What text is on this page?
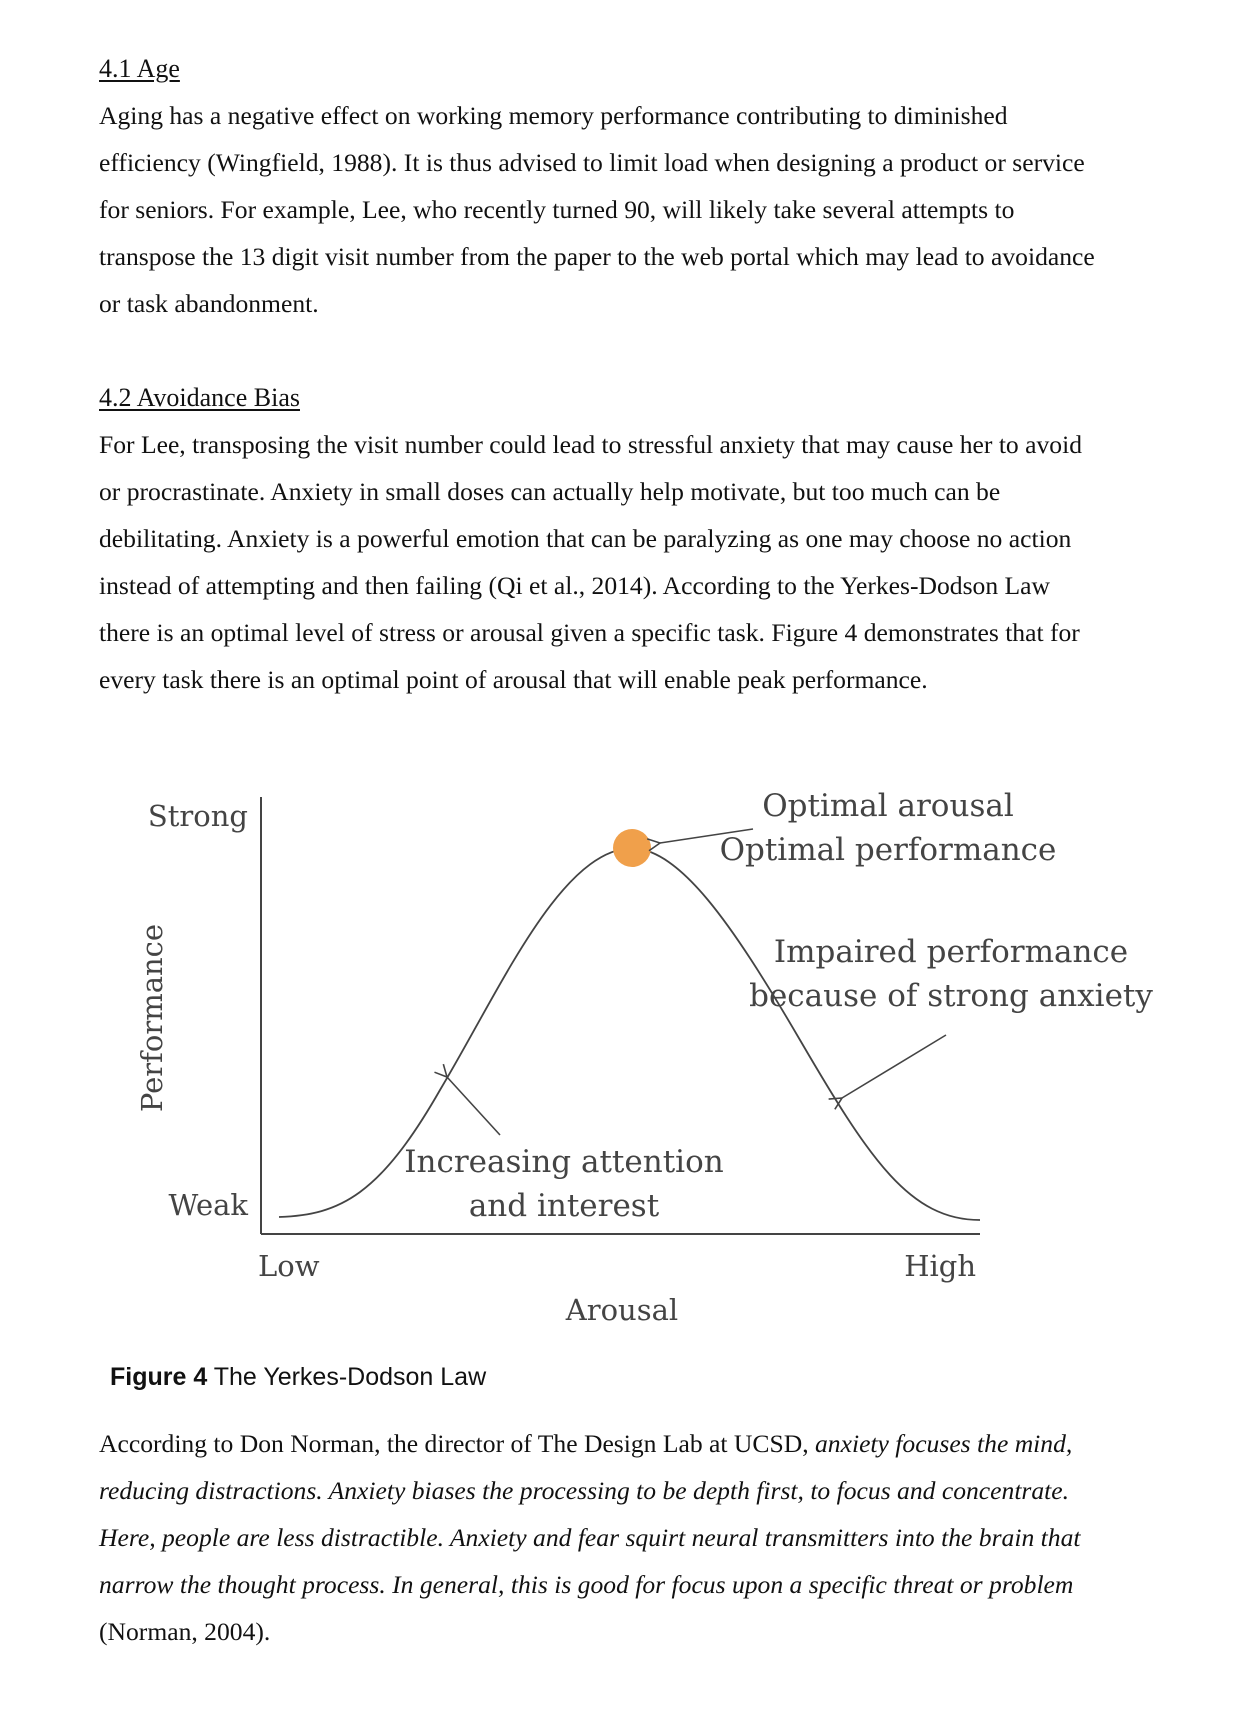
4.1 Age

Aging has a negative effect on working memory performance contributing to diminished
efficiency (Wingfield, 1988). It is thus advised to limit load when designing a product or service
for seniors. For example, Lee, who recently turned 90, will likely take several attempts to
transpose the 13 digit visit number from the paper to the web portal which may lead to avoidance
or task abandonment.

4.2 Avoidance Bias

For Lee, transposing the visit number could lead to stressful anxiety that may cause her to avoid
or procrastinate. Anxiety in small doses can actually help motivate, but too much can be
debilitating. Anxiety is a powerful emotion that can be paralyzing as one may choose no action
instead of attempting and then failing (Qi et al., 2014). According to the Yerkes-Dodson Law
there is an optimal level of stress or arousal given a specific task. Figure 4 demonstrates that for
every task there is an optimal point of arousal that will enable peak performance.

Strong
Weak
Low	High
Arousal
Performance
Optimal arousal
Optimal performance
Impaired performance
because of strong anxiety
Increasing attention
and interest
Figure 4 The Yerkes-Dodson Law

According to Don Norman, the director of The Design Lab at UCSD, anxiety focuses the mind,
reducing distractions. Anxiety biases the processing to be depth first, to focus and concentrate.
Here, people are less distractible. Anxiety and fear squirt neural transmitters into the brain that
narrow the thought process. In general, this is good for focus upon a specific threat or problem
(Norman, 2004).
